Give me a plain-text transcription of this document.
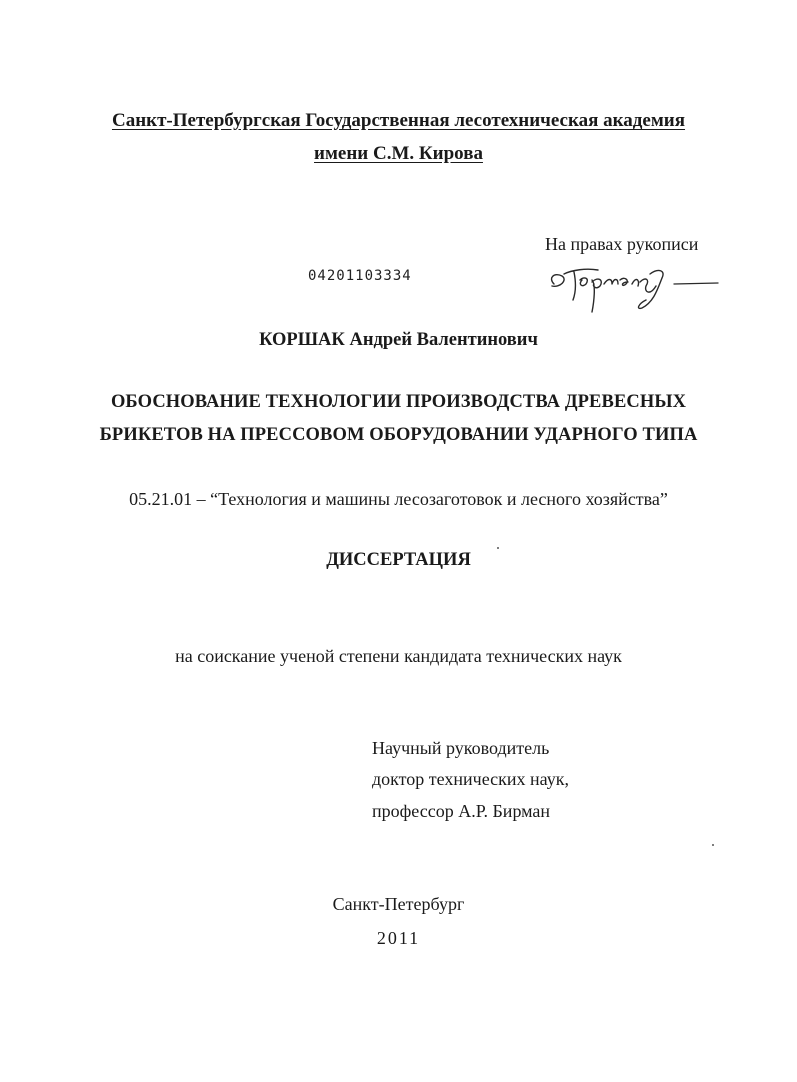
Санкт-Петербургская Государственная лесотехническая академия
имени С.М. Кирова
На правах рукописи
04201103334
КОРШАК Андрей Валентинович
ОБОСНОВАНИЕ ТЕХНОЛОГИИ ПРОИЗВОДСТВА ДРЕВЕСНЫХ
БРИКЕТОВ НА ПРЕССОВОМ ОБОРУДОВАНИИ УДАРНОГО ТИПА
05.21.01 – “Технология и машины лесозаготовок и лесного хозяйства”
ДИССЕРТАЦИЯ
на соискание ученой степени кандидата технических наук
Научный руководитель
доктор технических наук,
профессор А.Р. Бирман
Санкт-Петербург
2011
